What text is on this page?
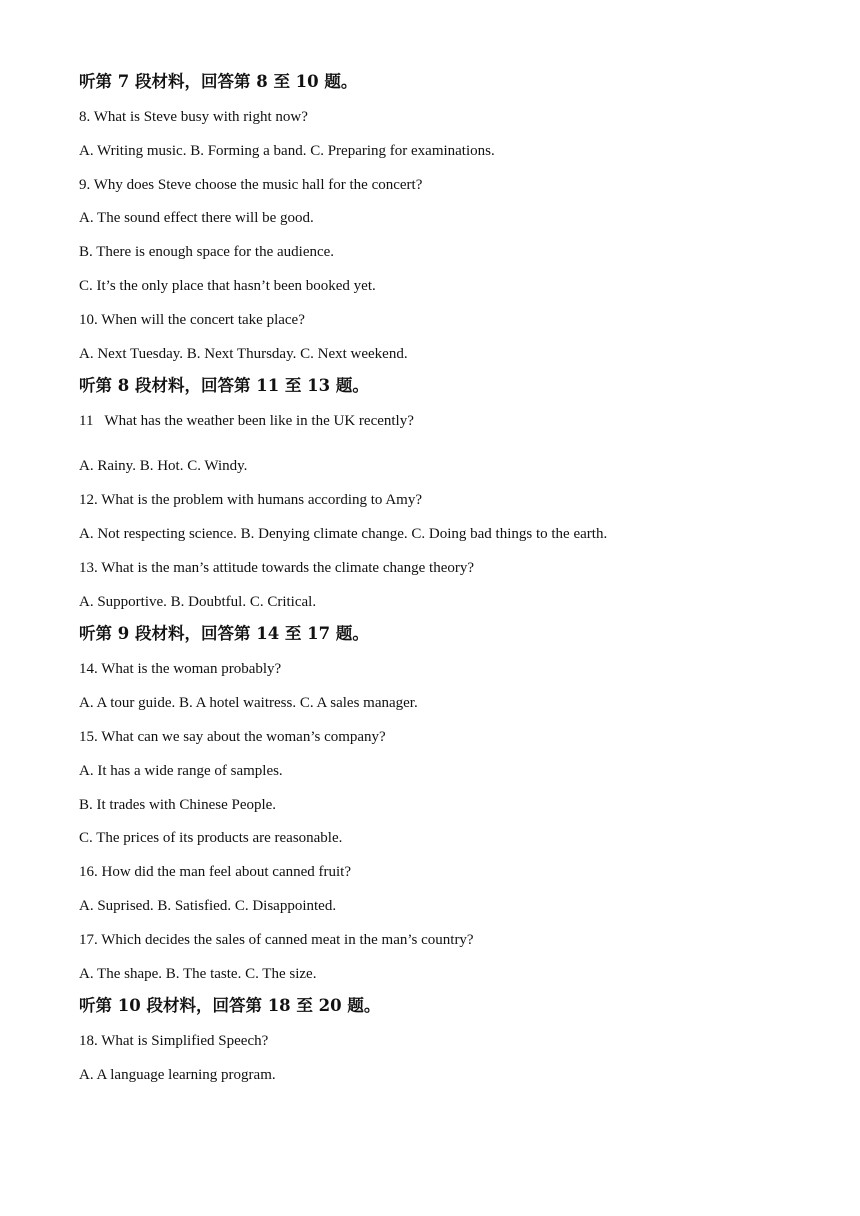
听第 7 段材料，回答第 8 至 10 题。
8. What is Steve busy with right now?
A. Writing music. B. Forming a band. C. Preparing for examinations.
9. Why does Steve choose the music hall for the concert?
A. The sound effect there will be good.
B. There is enough space for the audience.
C. It’s the only place that hasn’t been booked yet.
10. When will the concert take place?
A. Next Tuesday. B. Next Thursday. C. Next weekend.
听第 8 段材料，回答第 11 至 13 题。
11   What has the weather been like in the UK recently?
A. Rainy. B. Hot. C. Windy.
12. What is the problem with humans according to Amy?
A. Not respecting science. B. Denying climate change. C. Doing bad things to the earth.
13. What is the man’s attitude towards the climate change theory?
A. Supportive. B. Doubtful. C. Critical.
听第 9 段材料，回答第 14 至 17 题。
14. What is the woman probably?
A. A tour guide. B. A hotel waitress. C. A sales manager.
15. What can we say about the woman’s company?
A. It has a wide range of samples.
B. It trades with Chinese People.
C. The prices of its products are reasonable.
16. How did the man feel about canned fruit?
A. Suprised. B. Satisfied. C. Disappointed.
17. Which decides the sales of canned meat in the man’s country?
A. The shape. B. The taste. C. The size.
听第 10 段材料，回答第 18 至 20 题。
18. What is Simplified Speech?
A. A language learning program.
